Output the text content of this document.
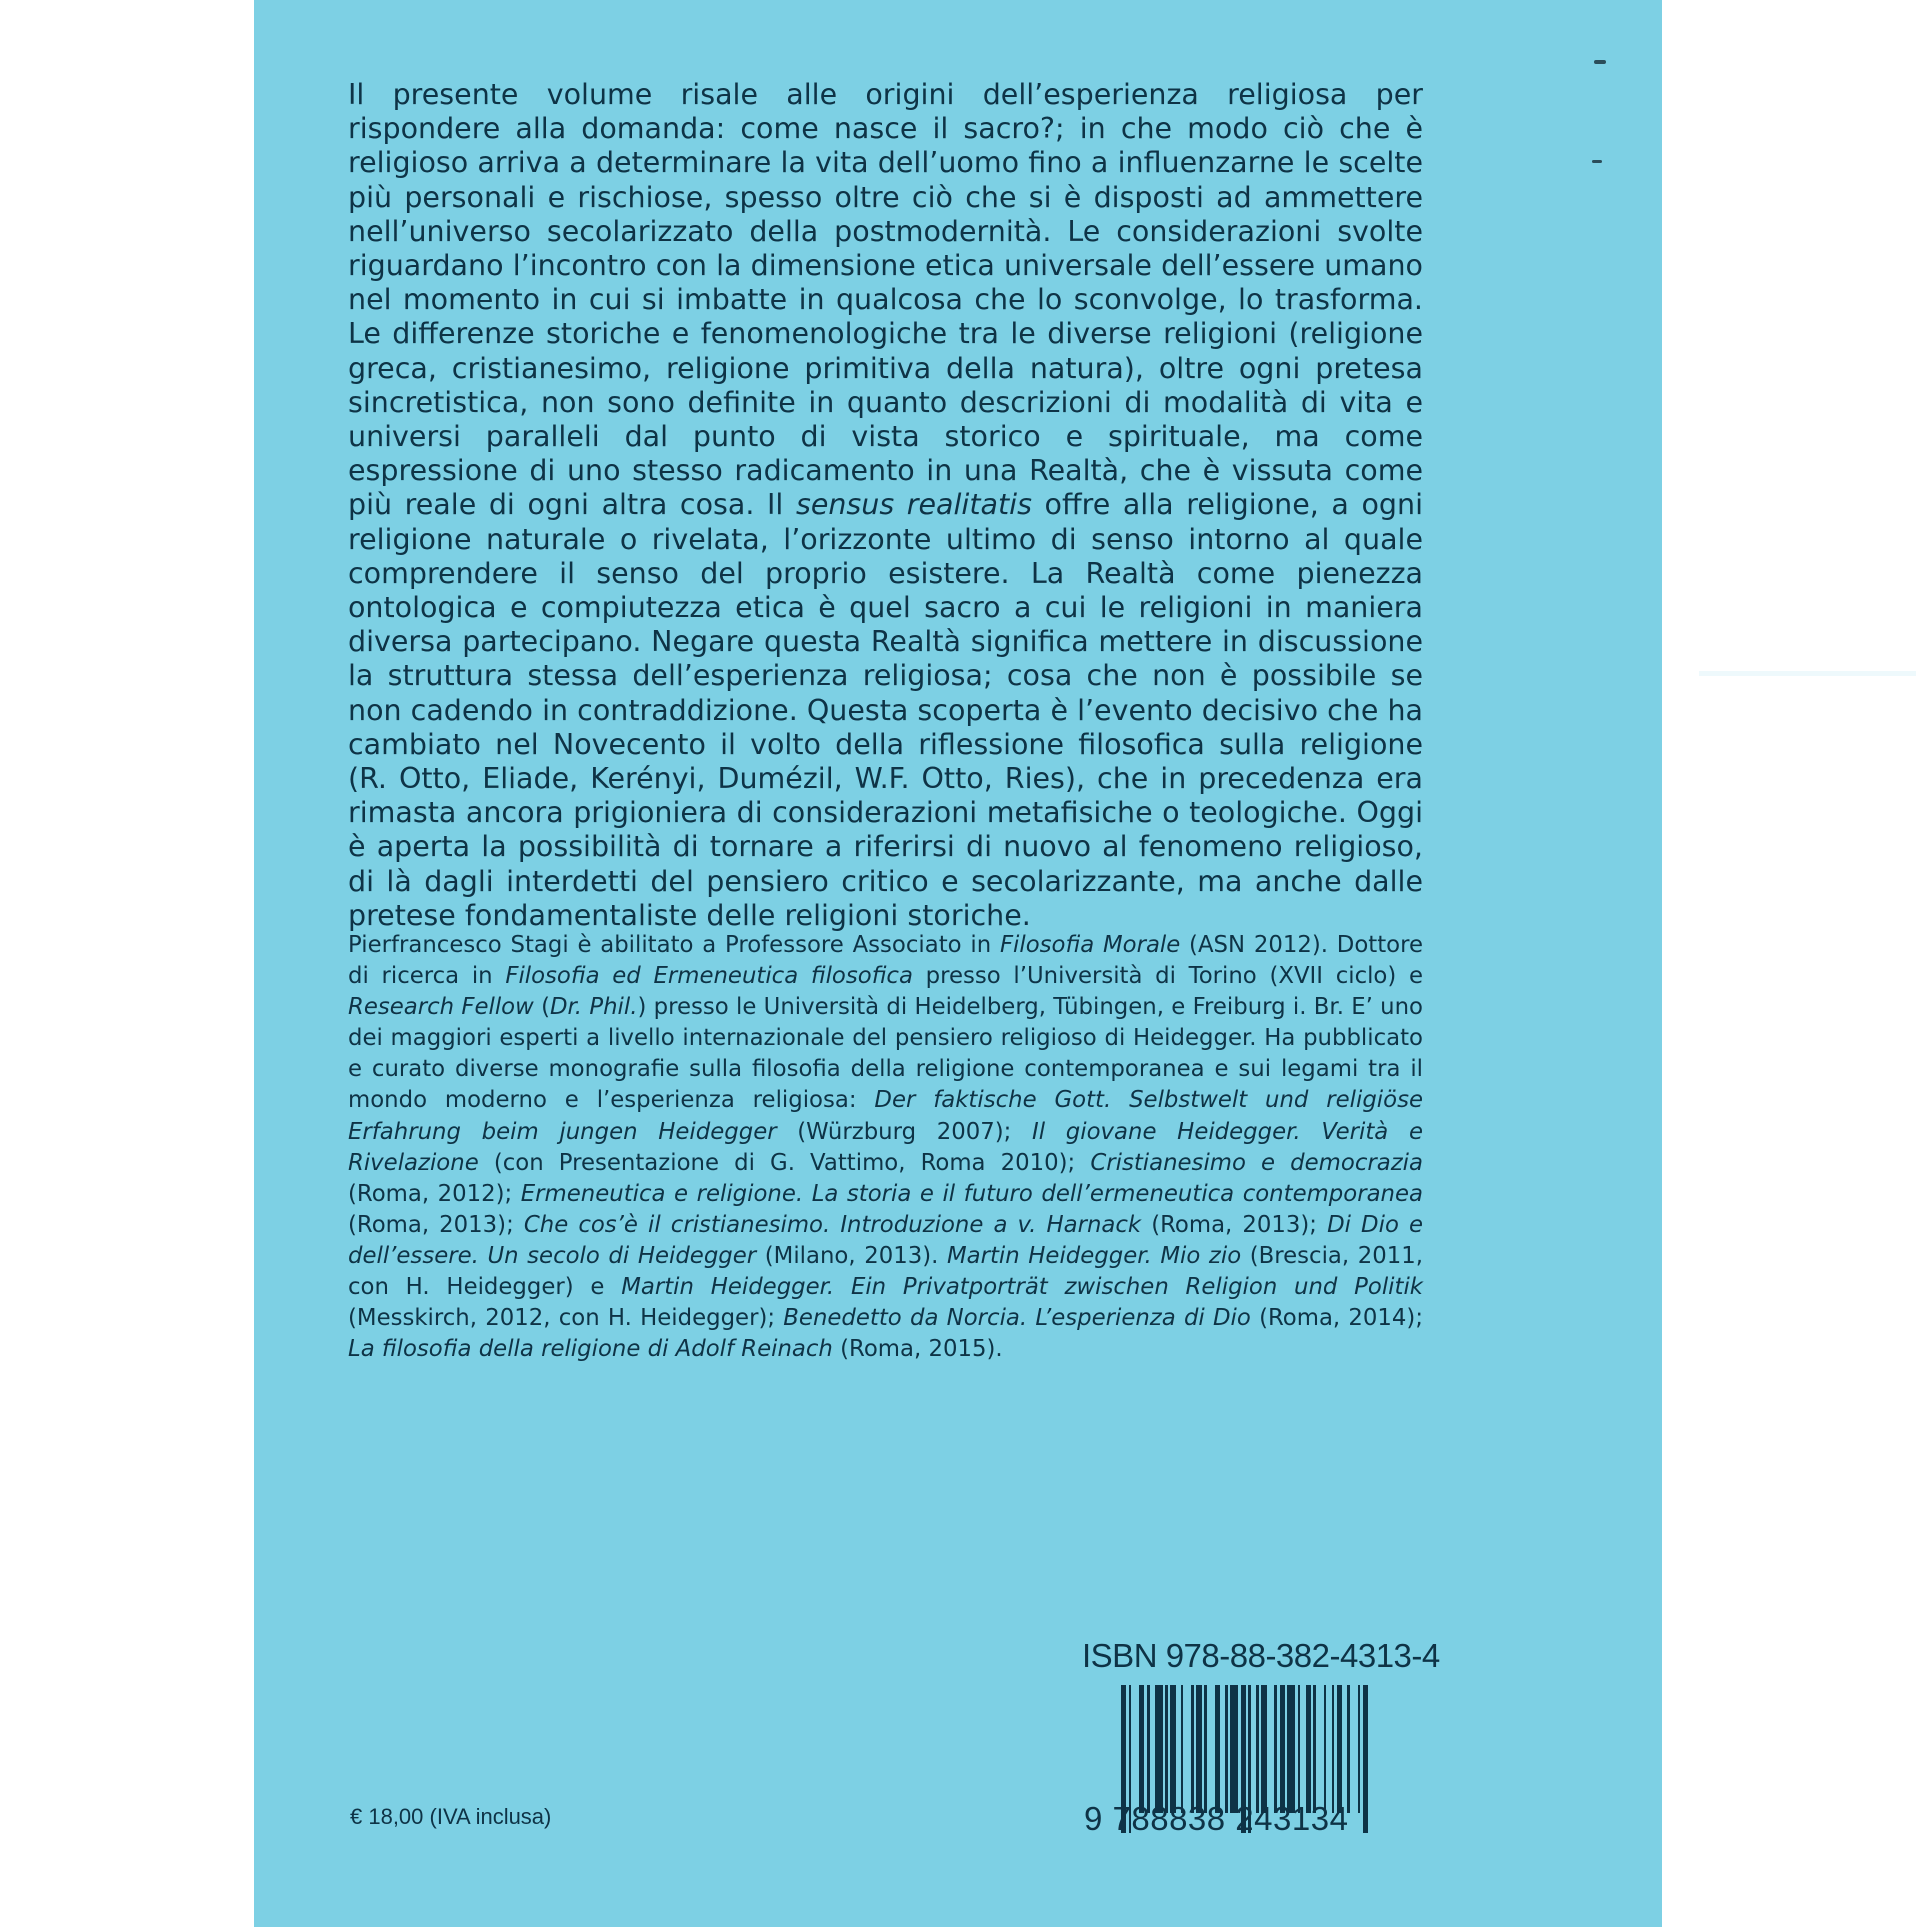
Il presente volume risale alle origini dell’esperienza religiosa per rispondere alla domanda: come nasce il sacro?; in che modo ciò che è religioso arriva a determinare la vita dell’uomo fino a influenzarne le scelte più personali e rischiose, spesso oltre ciò che si è disposti ad ammettere nell’universo secolarizzato della postmodernità. Le considerazioni svolte riguardano l’incontro con la dimensione etica universale dell’essere umano nel momento in cui si imbatte in qualcosa che lo sconvolge, lo trasforma. Le differenze storiche e fenomenologiche tra le diverse religioni (religione greca, cristianesimo, religione primitiva della natura), oltre ogni pretesa sincretistica, non sono definite in quanto descrizioni di modalità di vita e universi paralleli dal punto di vista storico e spirituale, ma come espressione di uno stesso radicamento in una Realtà, che è vissuta come più reale di ogni altra cosa. Il sensus realitatis offre alla religione, a ogni religione naturale o rivelata, l’orizzonte ultimo di senso intorno al quale comprendere il senso del proprio esistere. La Realtà come pienezza ontologica e compiutezza etica è quel sacro a cui le religioni in maniera diversa partecipano. Negare questa Realtà significa mettere in discussione la struttura stessa dell’esperienza religiosa; cosa che non è possibile se non cadendo in contraddizione. Questa scoperta è l’evento decisivo che ha cambiato nel Novecento il volto della riflessione filosofica sulla religione (R. Otto, Eliade, Kerényi, Dumézil, W.F. Otto, Ries), che in precedenza era rimasta ancora prigioniera di considerazioni metafisiche o teologiche. Oggi è aperta la possibilità di tornare a riferirsi di nuovo al fenomeno religioso, di là dagli interdetti del pensiero critico e secolarizzante, ma anche dalle pretese fondamentaliste delle religioni storiche.

Pierfrancesco Stagi è abilitato a Professore Associato in Filosofia Morale (ASN 2012). Dottore di ricerca in Filosofia ed Ermeneutica filosofica presso l’Università di Torino (XVII ciclo) e Research Fellow (Dr. Phil.) presso le Università di Heidelberg, Tübingen, e Freiburg i. Br. E’ uno dei maggiori esperti a livello internazionale del pensiero religioso di Heidegger. Ha pubblicato e curato diverse monografie sulla filosofia della religione contemporanea e sui legami tra il mondo moderno e l’esperienza religiosa: Der faktische Gott. Selbstwelt und religiöse Erfahrung beim jungen Heidegger (Würzburg 2007); Il giovane Heidegger. Verità e Rivelazione (con Presentazione di G. Vattimo, Roma 2010); Cristianesimo e democrazia (Roma, 2012); Ermeneutica e religione. La storia e il futuro dell’ermeneutica contemporanea (Roma, 2013); Che cos’è il cristianesimo. Introduzione a v. Harnack (Roma, 2013); Di Dio e dell’essere. Un secolo di Heidegger (Milano, 2013). Martin Heidegger. Mio zio (Brescia, 2011, con H. Heidegger) e Martin Heidegger. Ein Privatporträt zwischen Religion und Politik (Messkirch, 2012, con H. Heidegger); Benedetto da Norcia. L’esperienza di Dio (Roma, 2014); La filosofia della religione di Adolf Reinach (Roma, 2015).

ISBN 978-88-382-4313-4
9 788838 243134
€ 18,00 (IVA inclusa)
